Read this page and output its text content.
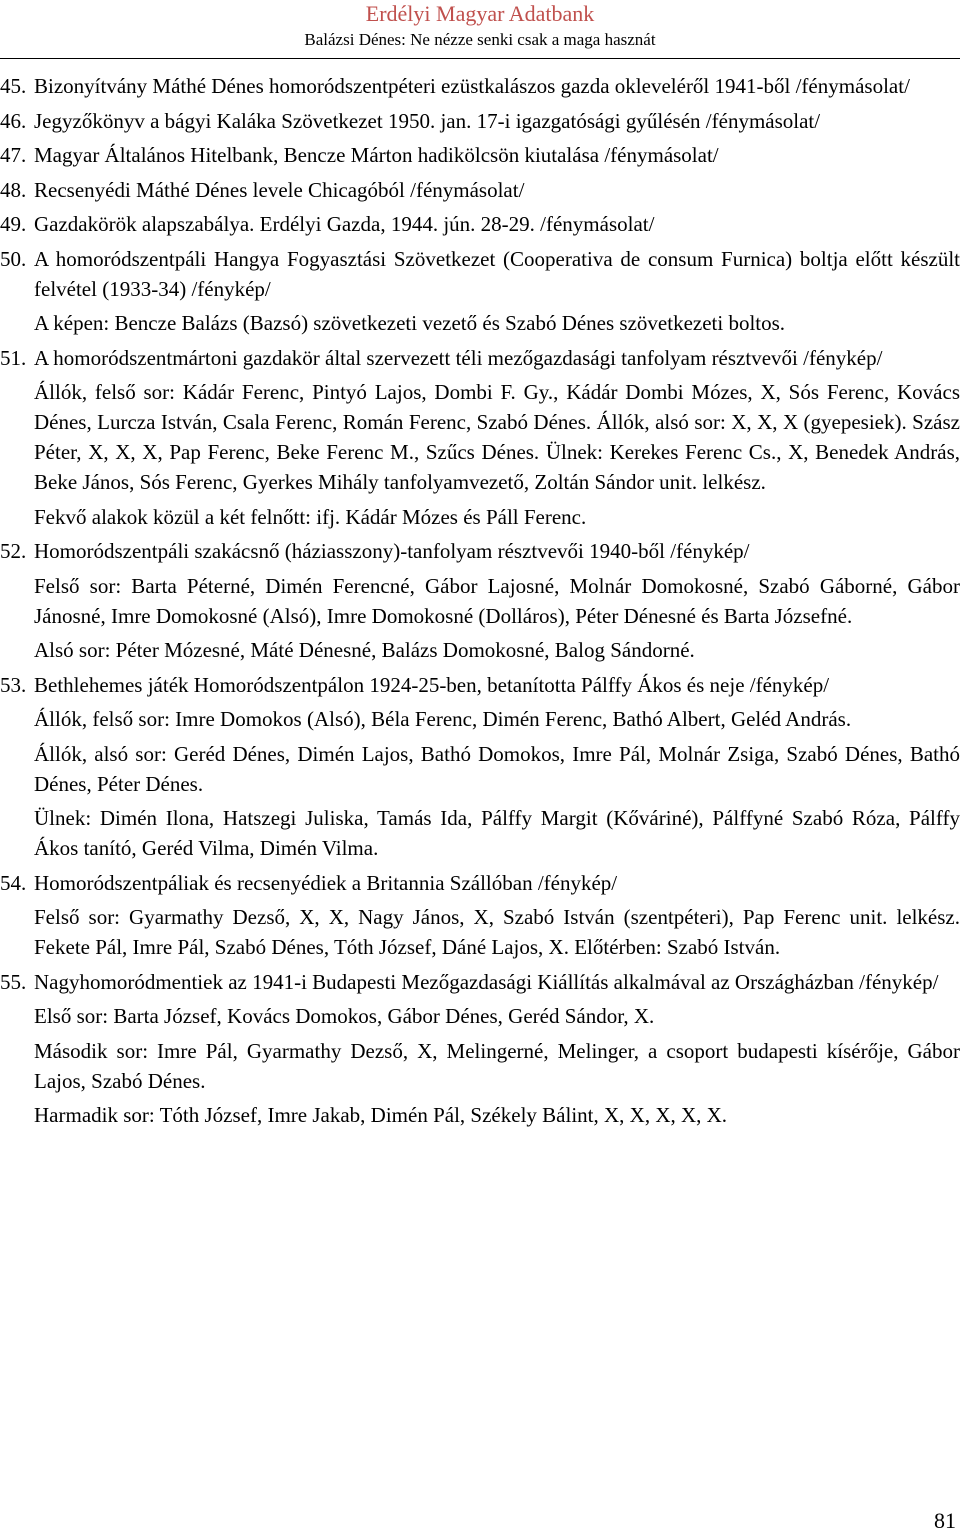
Erdélyi Magyar Adatbank
Balázsi Dénes: Ne nézze senki csak a maga hasznát

45. Bizonyítvány Máthé Dénes homoródszentpéteri ezüstkalászos gazda okleveléről 1941-ből /fénymásolat/

46. Jegyzőkönyv a bágyi Kaláka Szövetkezet 1950. jan. 17-i igazgatósági gyűlésén /fénymásolat/

47. Magyar Általános Hitelbank, Bencze Márton hadikölcsön kiutalása /fénymásolat/

48. Recsenyédi Máthé Dénes levele Chicagóból /fénymásolat/

49. Gazdakörök alapszabálya. Erdélyi Gazda, 1944. jún. 28-29. /fénymásolat/

50. A homoródszentpáli Hangya Fogyasztási Szövetkezet (Cooperativa de consum Furnica) boltja előtt készült felvétel (1933-34) /fénykép/

A képen: Bencze Balázs (Bazsó) szövetkezeti vezető és Szabó Dénes szövetkezeti boltos.

51. A homoródszentmártoni gazdakör által szervezett téli mezőgazdasági tanfolyam résztvevői /fénykép/

Állók, felső sor: Kádár Ferenc, Pintyó Lajos, Dombi F. Gy., Kádár Dombi Mózes, X, Sós Ferenc, Kovács Dénes, Lurcza István, Csala Ferenc, Román Ferenc, Szabó Dénes. Állók, alsó sor: X, X, X (gyepesiek). Szász Péter, X, X, X, Pap Ferenc, Beke Ferenc M., Szűcs Dénes. Ülnek: Kerekes Ferenc Cs., X, Benedek András, Beke János, Sós Ferenc, Gyerkes Mihály tanfolyamvezető, Zoltán Sándor unit. lelkész.

Fekvő alakok közül a két felnőtt: ifj. Kádár Mózes és Páll Ferenc.

52. Homoródszentpáli szakácsnő (háziasszony)-tanfolyam résztvevői 1940-ből /fénykép/

Felső sor: Barta Péterné, Dimén Ferencné, Gábor Lajosné, Molnár Domokosné, Szabó Gáborné, Gábor Jánosné, Imre Domokosné (Alsó), Imre Domokosné (Dolláros), Péter Dénesné és Barta Józsefné.

Alsó sor: Péter Mózesné, Máté Dénesné, Balázs Domokosné, Balog Sándorné.

53. Bethlehemes játék Homoródszentpálon 1924-25-ben, betanította Pálffy Ákos és neje /fénykép/

Állók, felső sor: Imre Domokos (Alsó), Béla Ferenc, Dimén Ferenc, Bathó Albert, Geléd András.

Állók, alsó sor: Geréd Dénes, Dimén Lajos, Bathó Domokos, Imre Pál, Molnár Zsiga, Szabó Dénes, Bathó Dénes, Péter Dénes.

Ülnek: Dimén Ilona, Hatszegi Juliska, Tamás Ida, Pálffy Margit (Kőváriné), Pálffyné Szabó Róza, Pálffy Ákos tanító, Geréd Vilma, Dimén Vilma.

54. Homoródszentpáliak és recsenyédiek a Britannia Szállóban /fénykép/

Felső sor: Gyarmathy Dezső, X, X, Nagy János, X, Szabó István (szentpéteri), Pap Ferenc unit. lelkész. Fekete Pál, Imre Pál, Szabó Dénes, Tóth József, Dáné Lajos, X. Előtérben: Szabó István.

55. Nagyhomoródmentiek az 1941-i Budapesti Mezőgazdasági Kiállítás alkalmával az Országházban /fénykép/

Első sor: Barta József, Kovács Domokos, Gábor Dénes, Geréd Sándor, X.

Második sor: Imre Pál, Gyarmathy Dezső, X, Melingerné, Melinger, a csoport budapesti kísérője, Gábor Lajos, Szabó Dénes.

Harmadik sor: Tóth József, Imre Jakab, Dimén Pál, Székely Bálint, X, X, X, X, X.

81
